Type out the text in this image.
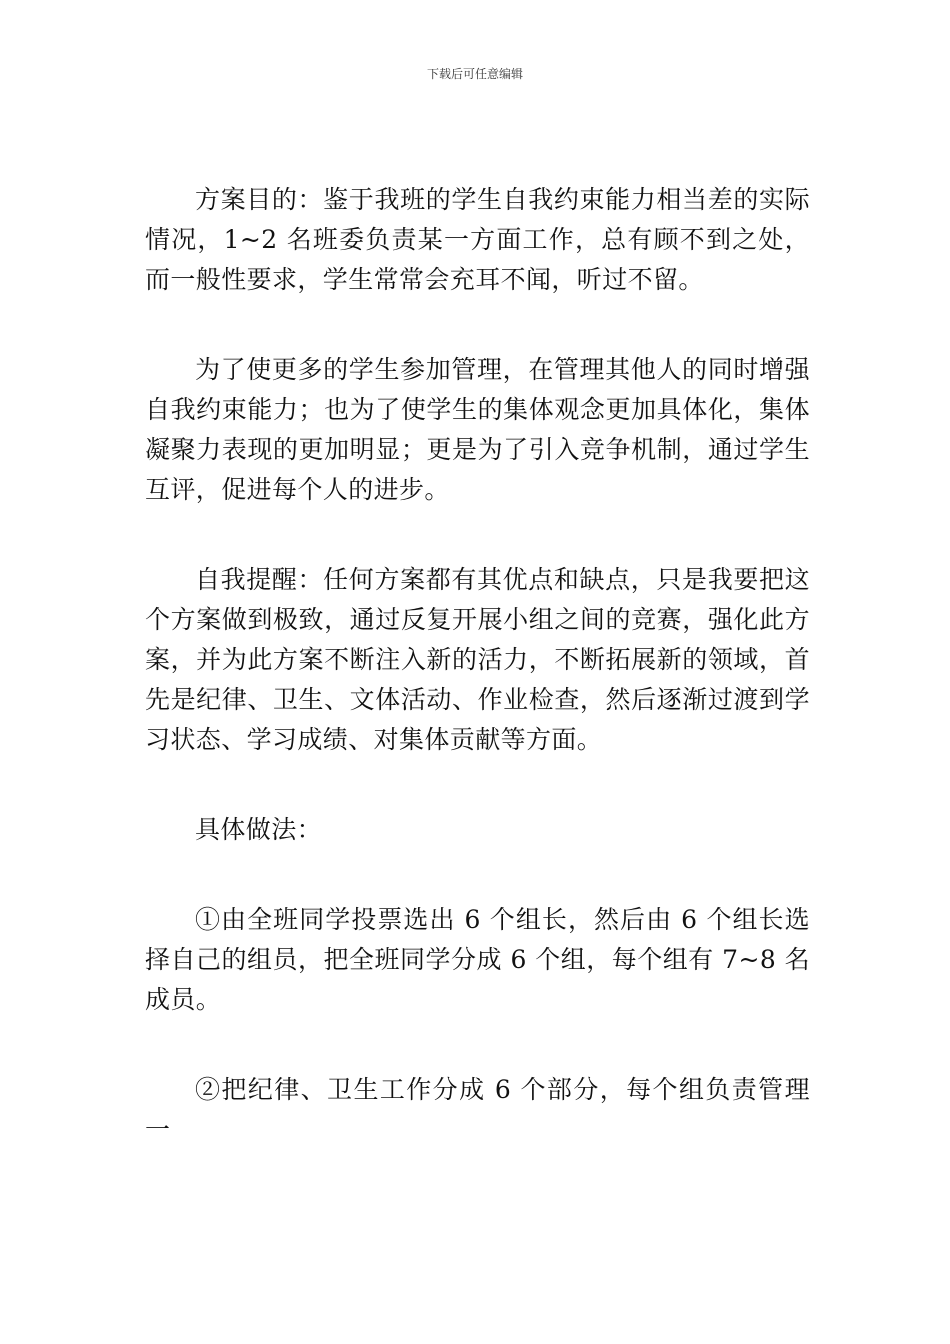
下载后可任意编辑

方案目的：鉴于我班的学生自我约束能力相当差的实际情况，1~2 名班委负责某一方面工作，总有顾不到之处，而一般性要求，学生常常会充耳不闻，听过不留。

为了使更多的学生参加管理，在管理其他人的同时增强自我约束能力；也为了使学生的集体观念更加具体化，集体凝聚力表现的更加明显；更是为了引入竞争机制，通过学生互评，促进每个人的进步。

自我提醒：任何方案都有其优点和缺点，只是我要把这个方案做到极致，通过反复开展小组之间的竞赛，强化此方案，并为此方案不断注入新的活力，不断拓展新的领域，首先是纪律、卫生、文体活动、作业检查，然后逐渐过渡到学习状态、学习成绩、对集体贡献等方面。

具体做法：

①由全班同学投票选出 6 个组长，然后由 6 个组长选择自己的组员，把全班同学分成 6 个组，每个组有 7~8 名成员。

②把纪律、卫生工作分成 6 个部分，每个组负责管理一
